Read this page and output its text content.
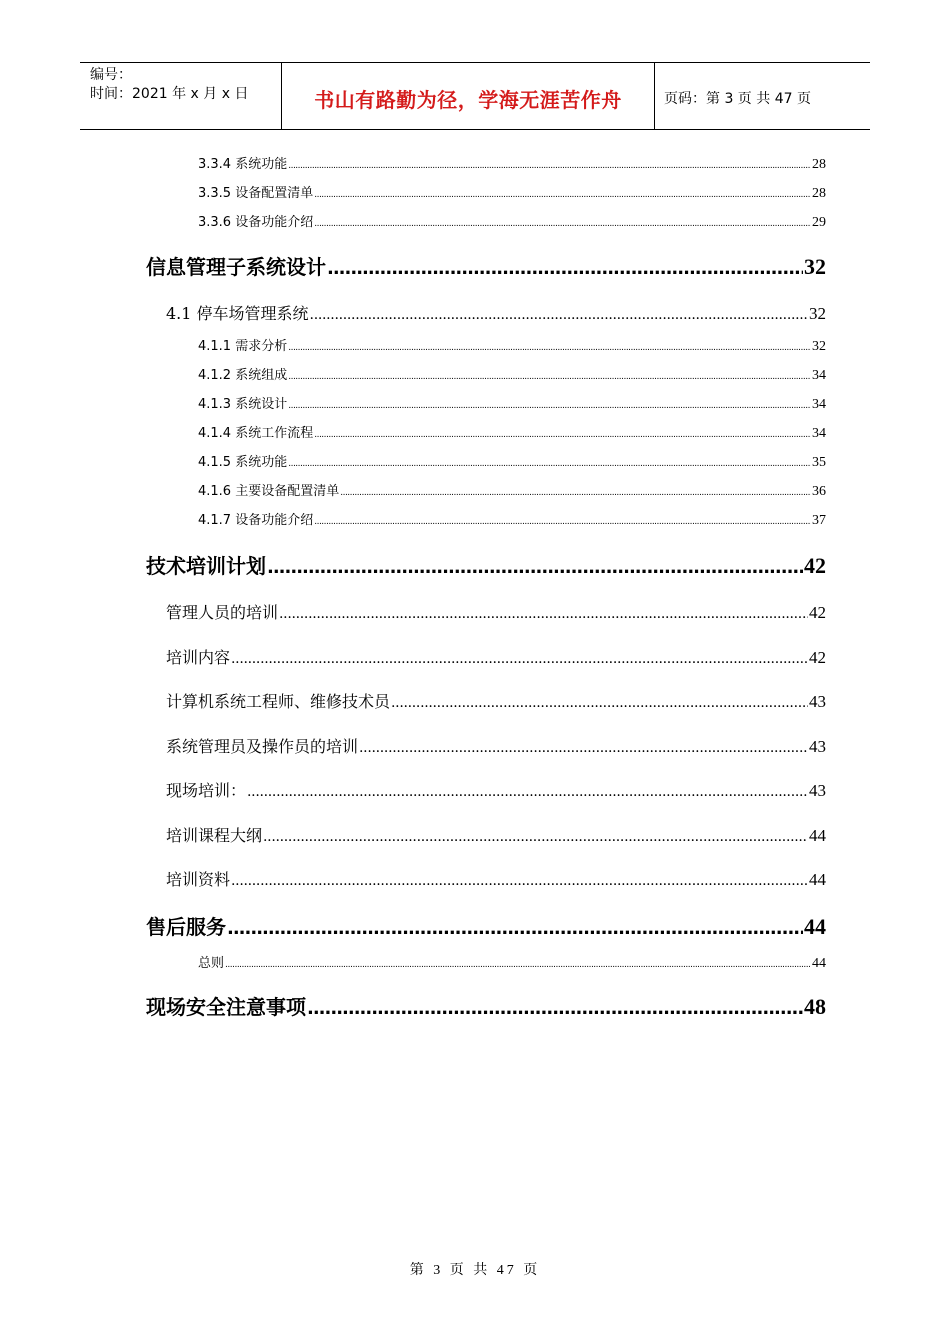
编号：
时间：2021 年 x 月 x 日	书山有路勤为径，学海无涯苦作舟	页码：第 3 页 共 47 页
3.3.4 系统功能 .....	28
3.3.5 设备配置清单 .....	28
3.3.6 设备功能介绍 .....	29
信息管理子系统设计 .....	32
4.1 停车场管理系统 .....	32
4.1.1 需求分析 .....	32
4.1.2 系统组成 .....	34
4.1.3 系统设计 .....	34
4.1.4 系统工作流程 .....	34
4.1.5 系统功能 .....	35
4.1.6 主要设备配置清单 .....	36
4.1.7 设备功能介绍 .....	37
技术培训计划 .....	42
管理人员的培训 .....	42
培训内容 .....	42
计算机系统工程师、维修技术员 .....	43
系统管理员及操作员的培训 .....	43
现场培训： .....	43
培训课程大纲 .....	44
培训资料 .....	44
售后服务 .....	44
总则 .....	44
现场安全注意事项 .....	48
第 3 页 共 47 页
